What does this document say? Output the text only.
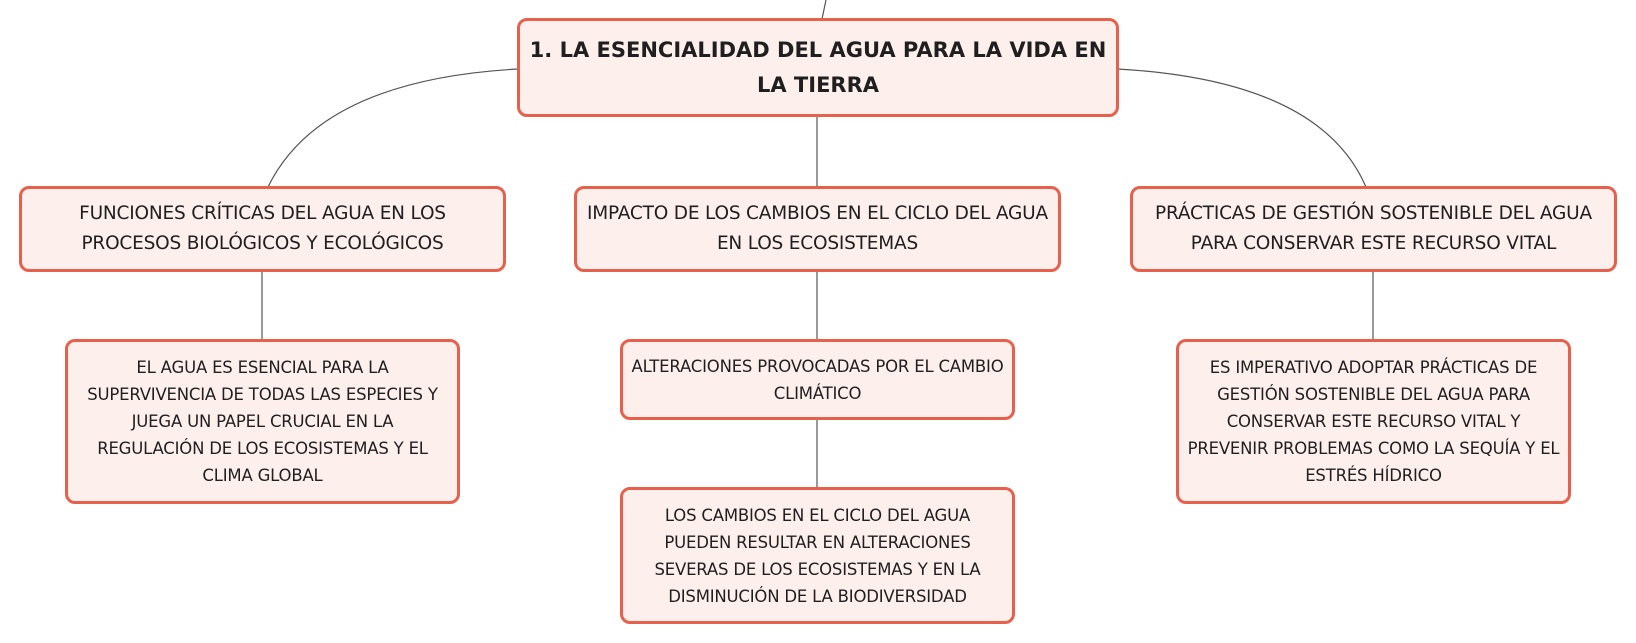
1. LA ESENCIALIDAD DEL AGUA PARA LA VIDA EN LA TIERRA
FUNCIONES CRÍTICAS DEL AGUA EN LOS PROCESOS BIOLÓGICOS Y ECOLÓGICOS
IMPACTO DE LOS CAMBIOS EN EL CICLO DEL AGUA EN LOS ECOSISTEMAS
PRÁCTICAS DE GESTIÓN SOSTENIBLE DEL AGUA PARA CONSERVAR ESTE RECURSO VITAL
EL AGUA ES ESENCIAL PARA LA SUPERVIVENCIA DE TODAS LAS ESPECIES Y JUEGA UN PAPEL CRUCIAL EN LA REGULACIÓN DE LOS ECOSISTEMAS Y EL CLIMA GLOBAL
ALTERACIONES PROVOCADAS POR EL CAMBIO CLIMÁTICO
LOS CAMBIOS EN EL CICLO DEL AGUA PUEDEN RESULTAR EN ALTERACIONES SEVERAS DE LOS ECOSISTEMAS Y EN LA DISMINUCIÓN DE LA BIODIVERSIDAD
ES IMPERATIVO ADOPTAR PRÁCTICAS DE GESTIÓN SOSTENIBLE DEL AGUA PARA CONSERVAR ESTE RECURSO VITAL Y PREVENIR PROBLEMAS COMO LA SEQUÍA Y EL ESTRÉS HÍDRICO
